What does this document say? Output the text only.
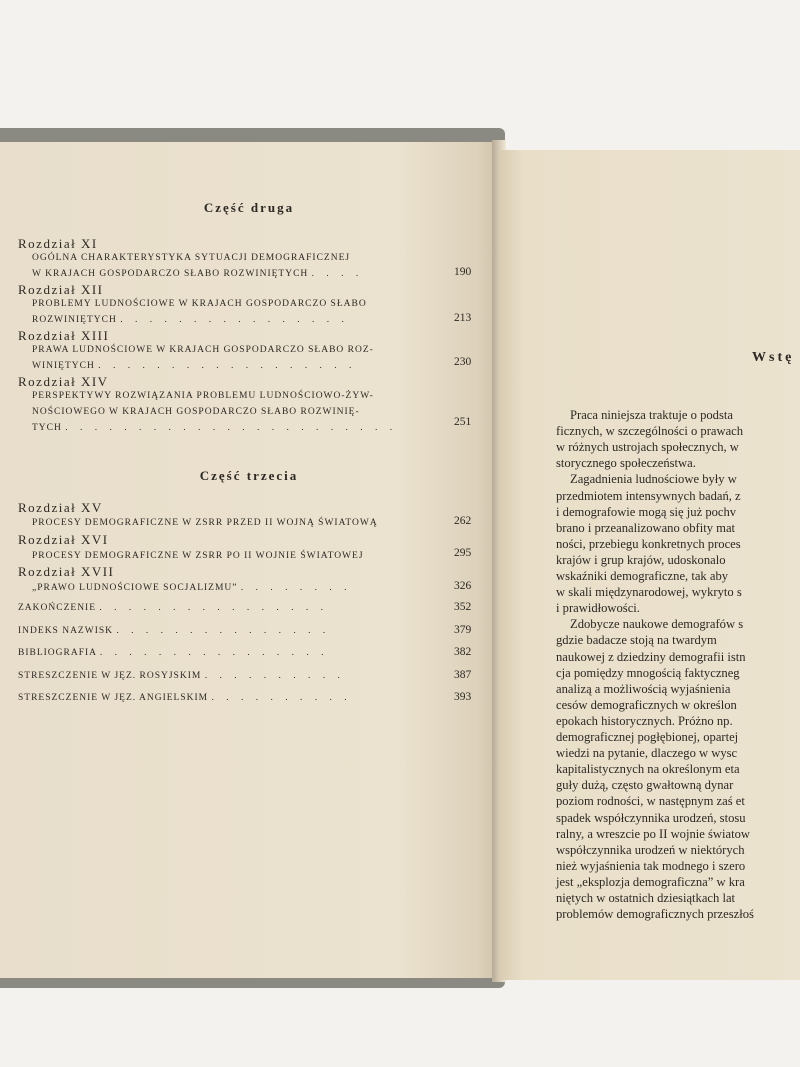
Część druga
Rozdział XI
OGÓLNA CHARAKTERYSTYKA SYTUACJI DEMOGRAFICZNEJ
W KRAJACH GOSPODARCZO SŁABO ROZWINIĘTYCH . . . .	190
Rozdział XII
PROBLEMY LUDNOŚCIOWE W KRAJACH GOSPODARCZO SŁABO
ROZWINIĘTYCH . . . . . . . . . . . . . . . .	213
Rozdział XIII
PRAWA LUDNOŚCIOWE W KRAJACH GOSPODARCZO SŁABO ROZ-
WINIĘTYCH . . . . . . . . . . . . . . . . . .	230
Rozdział XIV
PERSPEKTYWY ROZWIĄZANIA PROBLEMU LUDNOŚCIOWO-ŻYW-
NOŚCIOWEGO W KRAJACH GOSPODARCZO SŁABO ROZWINIĘ-
TYCH . . . . . . . . . . . . . . . . . . . . . . .	251
Część trzecia
Rozdział XV
PROCESY DEMOGRAFICZNE W ZSRR PRZED II WOJNĄ ŚWIATOWĄ	262
Rozdział XVI
PROCESY DEMOGRAFICZNE W ZSRR PO II WOJNIE ŚWIATOWEJ	295
Rozdział XVII
„PRAWO LUDNOŚCIOWE SOCJALIZMU” . . . . . . . .	326
ZAKOŃCZENIE . . . . . . . . . . . . . . . .	352
INDEKS NAZWISK . . . . . . . . . . . . . . .	379
BIBLIOGRAFIA . . . . . . . . . . . . . . . .	382
STRESZCZENIE W JĘZ. ROSYJSKIM . . . . . . . . . .	387
STRESZCZENIE W JĘZ. ANGIELSKIM . . . . . . . . . .	393
Wstę
Praca niniejsza traktuje o podsta
ficznych, w szczególności o prawach
w różnych ustrojach społecznych, w
storycznego społeczeństwa.
Zagadnienia ludnościowe były w
przedmiotem intensywnych badań, z
i demografowie mogą się już pochv
brano i przeanalizowano obfity mat
ności, przebiegu konkretnych proces
krajów i grup krajów, udoskonalo
wskaźniki demograficzne, tak aby
w skali międzynarodowej, wykryto s
i prawidłowości.
Zdobycze naukowe demografów s
gdzie badacze stoją na twardym
naukowej z dziedziny demografii istn
cja pomiędzy mnogością faktyczneg
analizą a możliwością wyjaśnienia
cesów demograficznych w określon
epokach historycznych. Próżno np.
demograficznej pogłębionej, opartej
wiedzi na pytanie, dlaczego w wysc
kapitalistycznych na określonym eta
guły dużą, często gwałtowną dynar
poziom rodności, w następnym zaś et
spadek współczynnika urodzeń, stosu
ralny, a wreszcie po II wojnie światow
współczynnika urodzeń w niektórych
nież wyjaśnienia tak modnego i szero
jest „eksplozja demograficzna” w kra
niętych w ostatnich dziesiątkach lat
problemów demograficznych przeszłoś
